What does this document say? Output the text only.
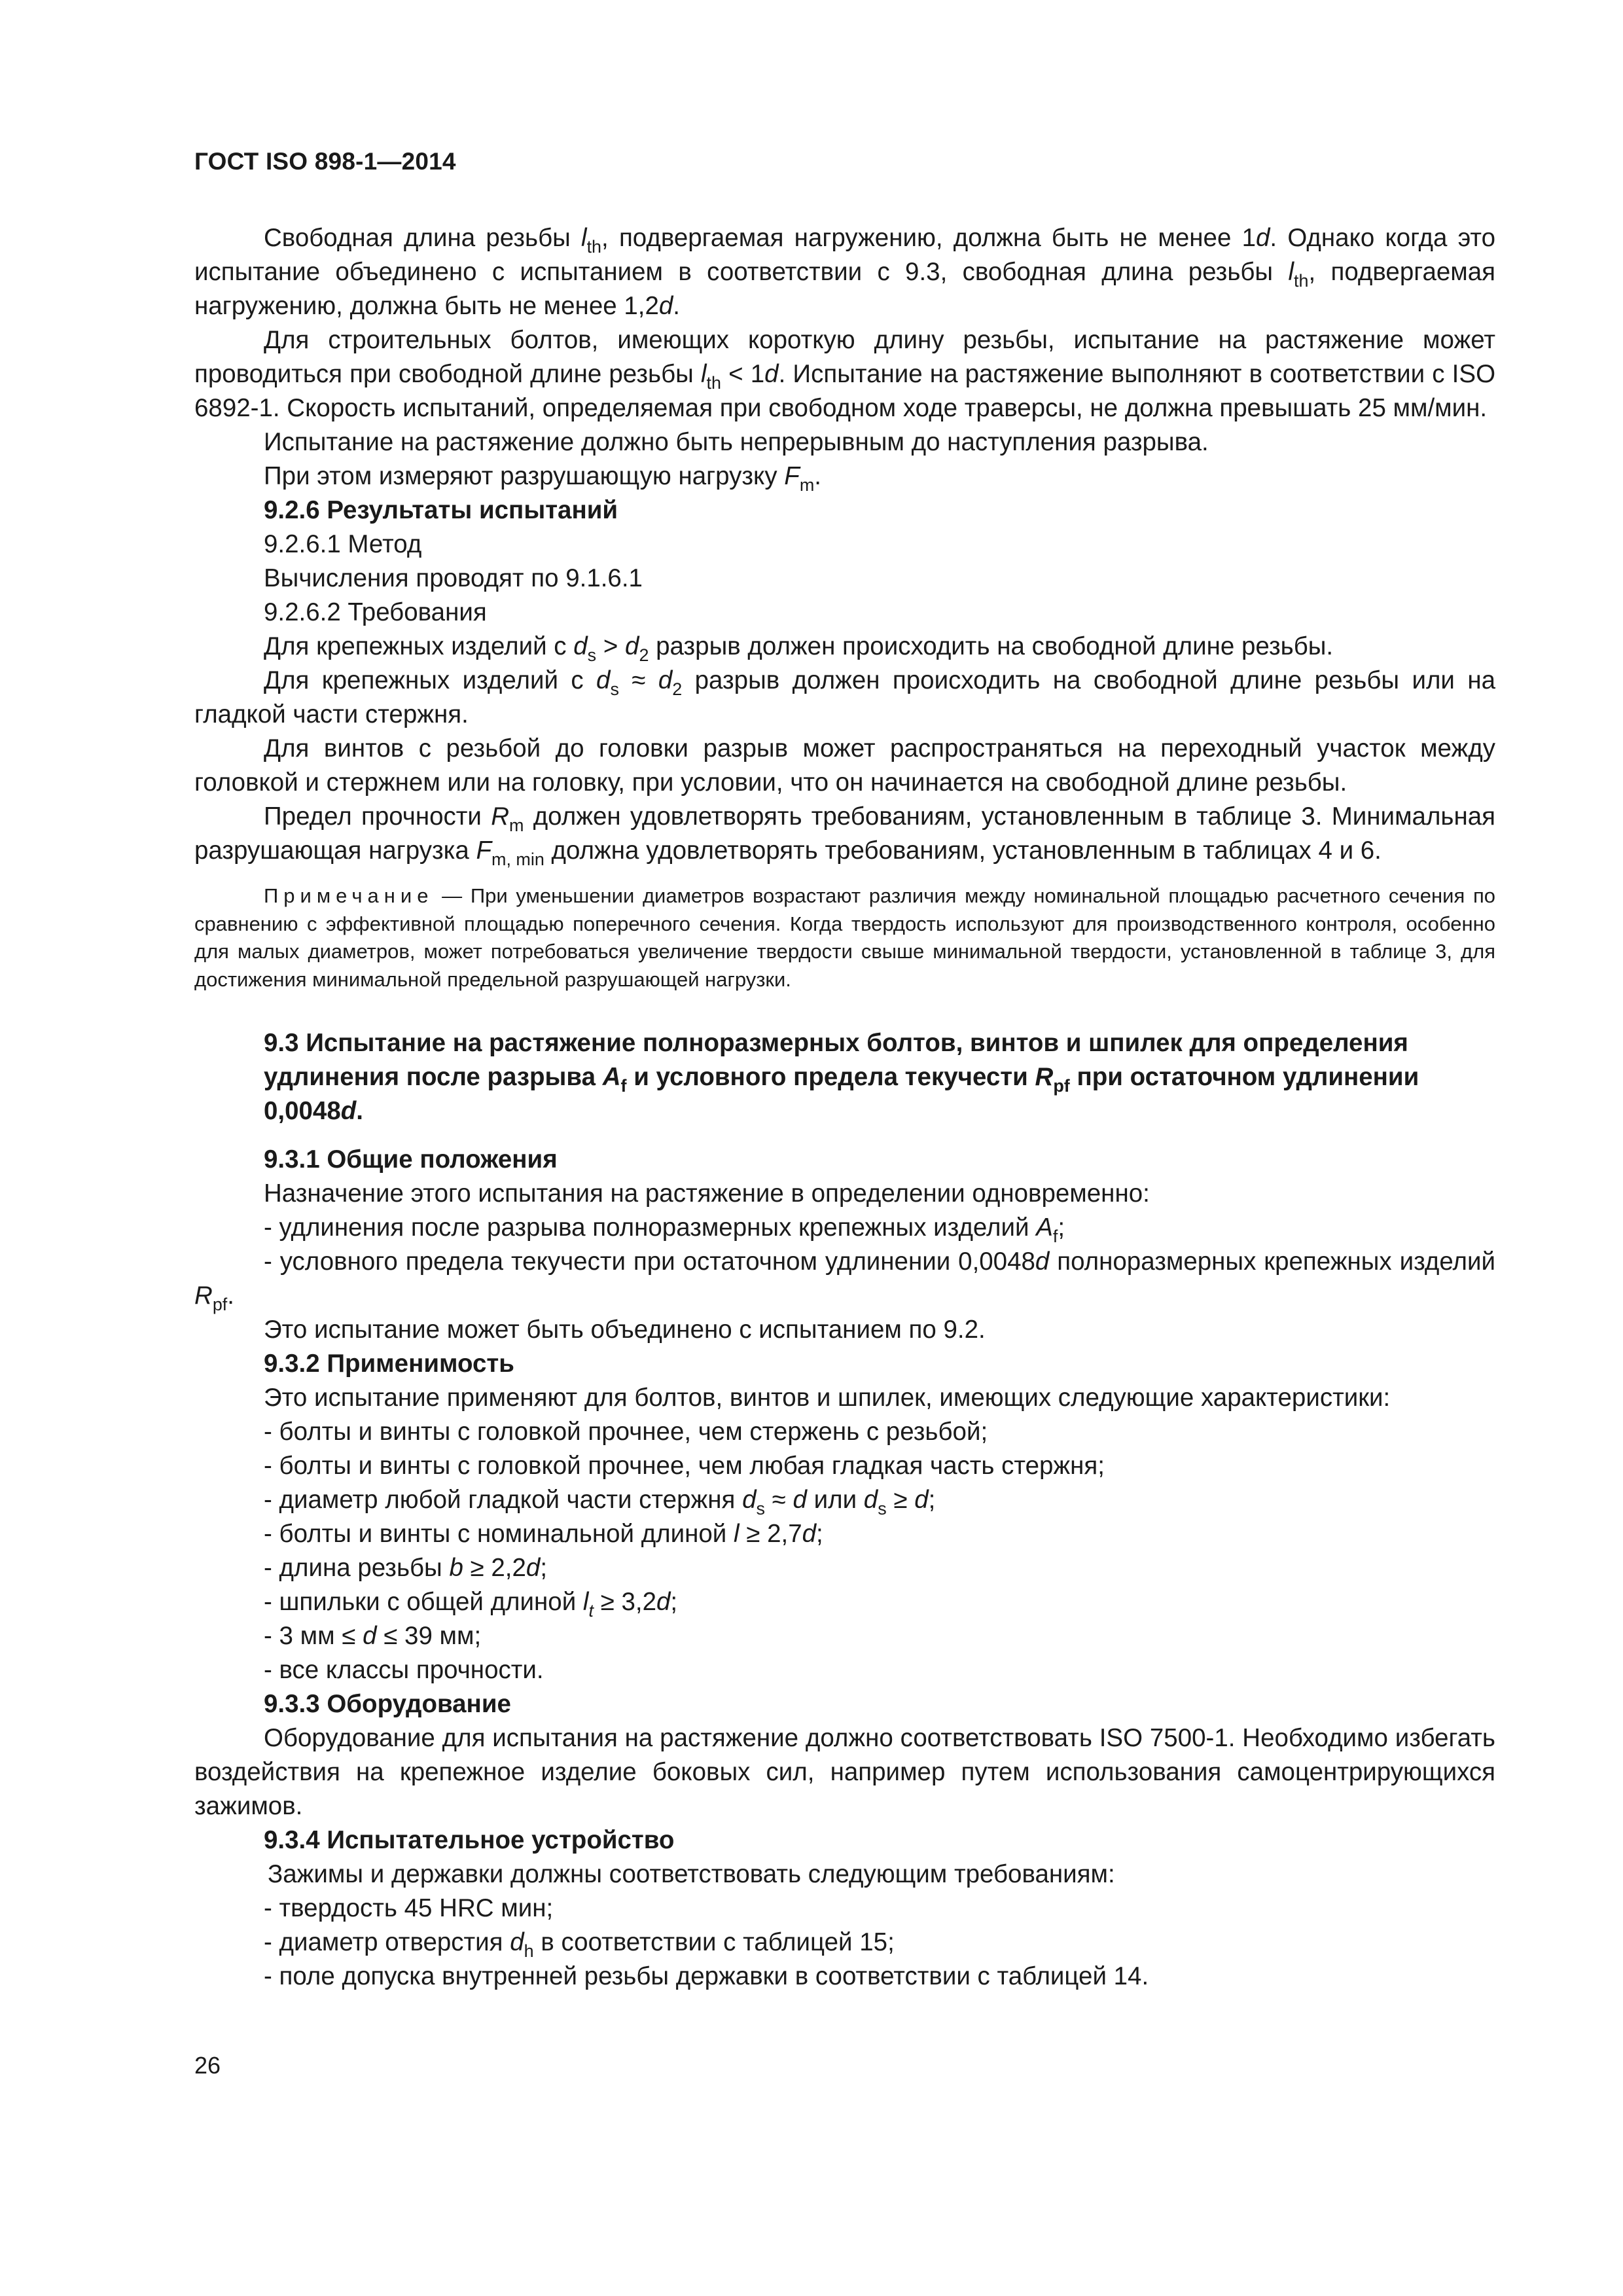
ГОСТ ISO 898-1—2014

Свободная длина резьбы $l_{th}$, подвергаемая нагружению, должна быть не менее 1d. Однако когда это испытание объединено с испытанием в соответствии с 9.3, свободная длина резьбы $l_{th}$, подвергаемая нагружению, должна быть не менее 1,2d.

Для строительных болтов, имеющих короткую длину резьбы, испытание на растяжение может проводиться при свободной длине резьбы $l_{th} < 1d$. Испытание на растяжение выполняют в соответствии с ISO 6892-1. Скорость испытаний, определяемая при свободном ходе траверсы, не должна превышать 25 мм/мин.

Испытание на растяжение должно быть непрерывным до наступления разрыва.

При этом измеряют разрушающую нагрузку $F_m$.

9.2.6 Результаты испытаний

9.2.6.1 Метод

Вычисления проводят по 9.1.6.1

9.2.6.2 Требования

Для крепежных изделий с $d_s > d_2$ разрыв должен происходить на свободной длине резьбы.

Для крепежных изделий с $d_s \approx d_2$ разрыв должен происходить на свободной длине резьбы или на гладкой части стержня.

Для винтов с резьбой до головки разрыв может распространяться на переходный участок между головкой и стержнем или на головку, при условии, что он начинается на свободной длине резьбы.

Предел прочности $R_m$ должен удовлетворять требованиям, установленным в таблице 3. Минимальная разрушающая нагрузка $F_{m, min}$ должна удовлетворять требованиям, установленным в таблицах 4 и 6.

Примечание — При уменьшении диаметров возрастают различия между номинальной площадью расчетного сечения по сравнению с эффективной площадью поперечного сечения. Когда твердость используют для производственного контроля, особенно для малых диаметров, может потребоваться увеличение твердости свыше минимальной твердости, установленной в таблице 3, для достижения минимальной предельной разрушающей нагрузки.

9.3 Испытание на растяжение полноразмерных болтов, винтов и шпилек для определения удлинения после разрыва $A_f$ и условного предела текучести $R_{pf}$ при остаточном удлинении 0,0048d.

9.3.1 Общие положения

Назначение этого испытания на растяжение в определении одновременно:

- удлинения после разрыва полноразмерных крепежных изделий $A_f$;

- условного предела текучести при остаточном удлинении 0,0048d полноразмерных крепежных изделий $R_{pf}$.

Это испытание может быть объединено с испытанием по 9.2.

9.3.2 Применимость

Это испытание применяют для болтов, винтов и шпилек, имеющих следующие характеристики:

- болты и винты с головкой прочнее, чем стержень с резьбой;

- болты и винты с головкой прочнее, чем любая гладкая часть стержня;

- диаметр любой гладкой части стержня $d_s \approx d$ или $d_s \ge d$;

- болты и винты с номинальной длиной l ≥ 2,7d;

- длина резьбы b ≥ 2,2d;

- шпильки с общей длиной $l_t \ge 3,2d$;

- 3 мм ≤ d ≤ 39 мм;

- все классы прочности.

9.3.3 Оборудование

Оборудование для испытания на растяжение должно соответствовать ISO 7500-1. Необходимо избегать воздействия на крепежное изделие боковых сил, например путем использования самоцентрирующихся зажимов.

9.3.4 Испытательное устройство

Зажимы и державки должны соответствовать следующим требованиям:

- твердость 45 HRC мин;

- диаметр отверстия $d_h$ в соответствии с таблицей 15;

- поле допуска внутренней резьбы державки в соответствии с таблицей 14.

26
